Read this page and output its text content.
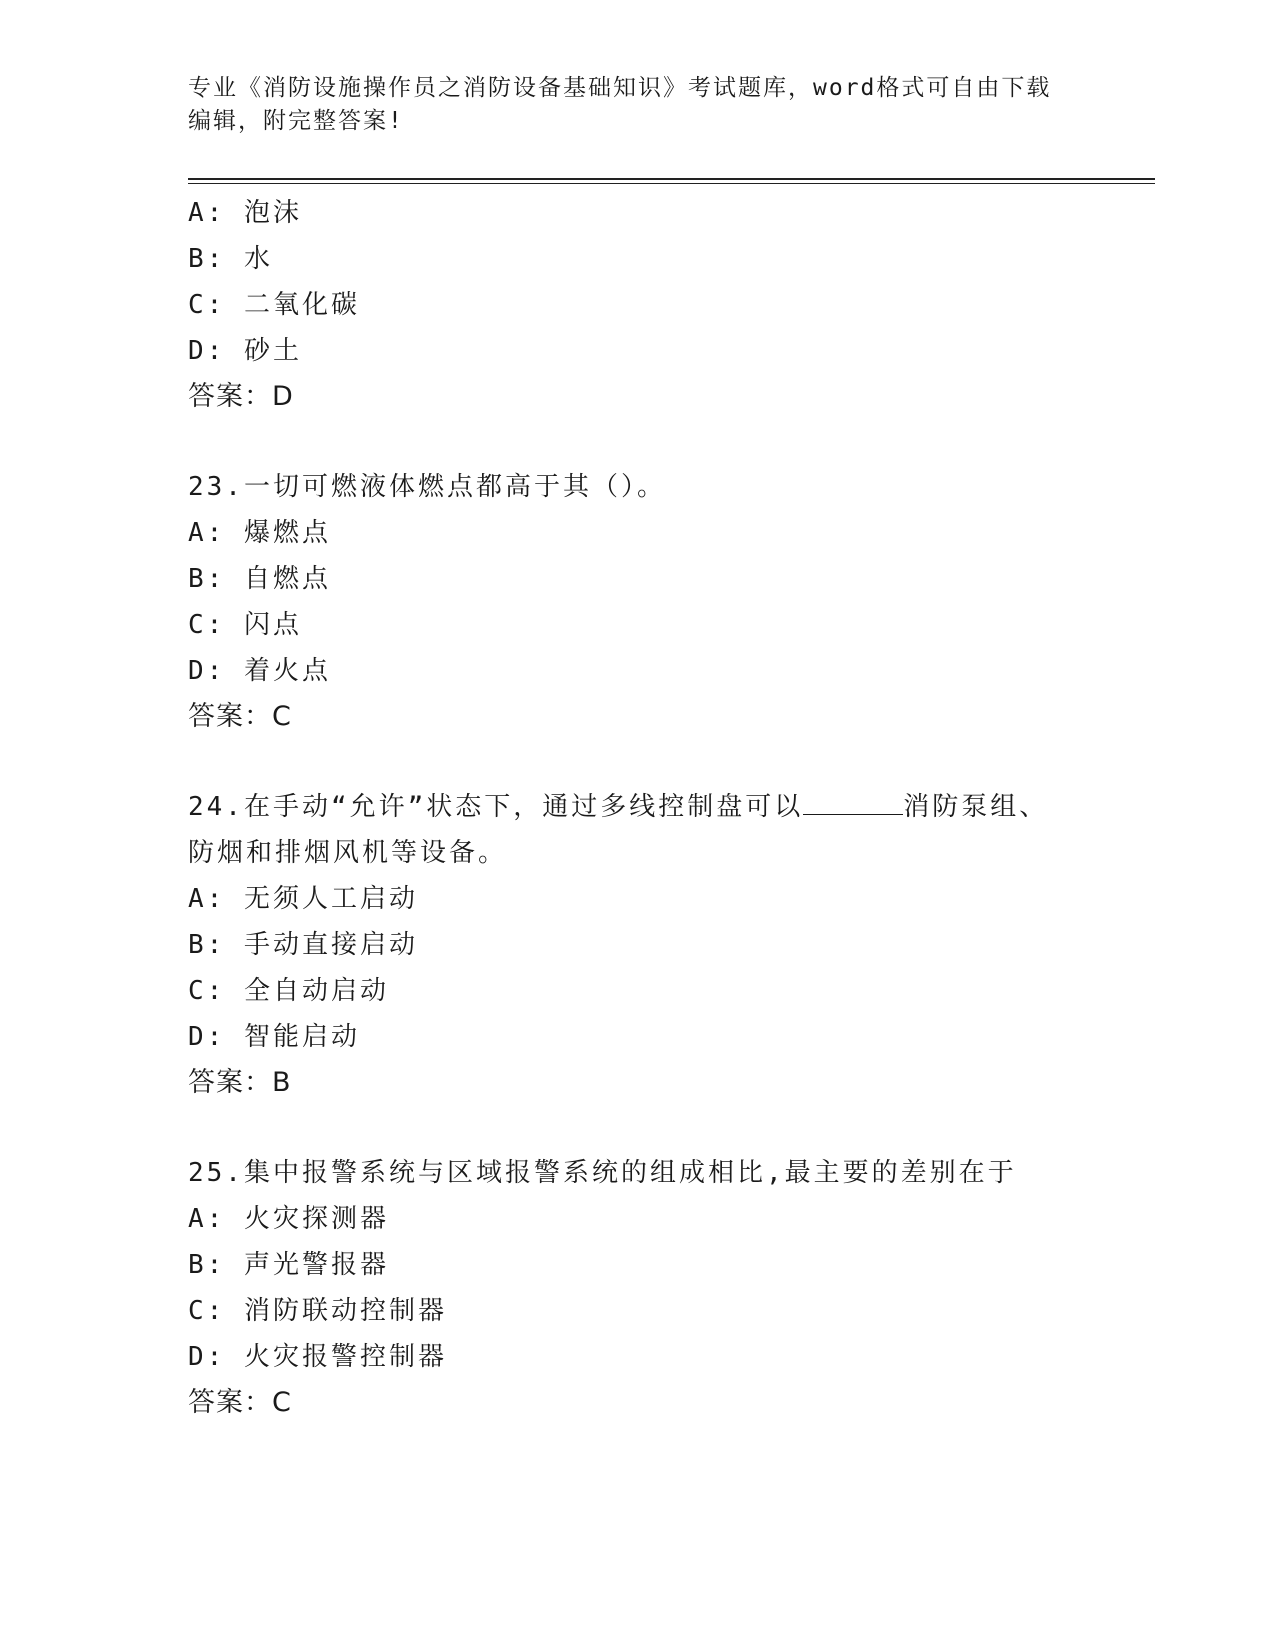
专业《消防设施操作员之消防设备基础知识》考试题库，word格式可自由下载编辑，附完整答案!
A: 泡沫
B: 水
C: 二氧化碳
D: 砂土
答案：D
23.一切可燃液体燃点都高于其（）。
A: 爆燃点
B: 自燃点
C: 闪点
D: 着火点
答案：C
24.在手动“允许”状态下，通过多线控制盘可以	消防泵组、防烟和排烟风机等设备。
A: 无须人工启动
B: 手动直接启动
C: 全自动启动
D: 智能启动
答案：B
25.集中报警系统与区域报警系统的组成相比,最主要的差别在于
A: 火灾探测器
B: 声光警报器
C: 消防联动控制器
D: 火灾报警控制器
答案：C
